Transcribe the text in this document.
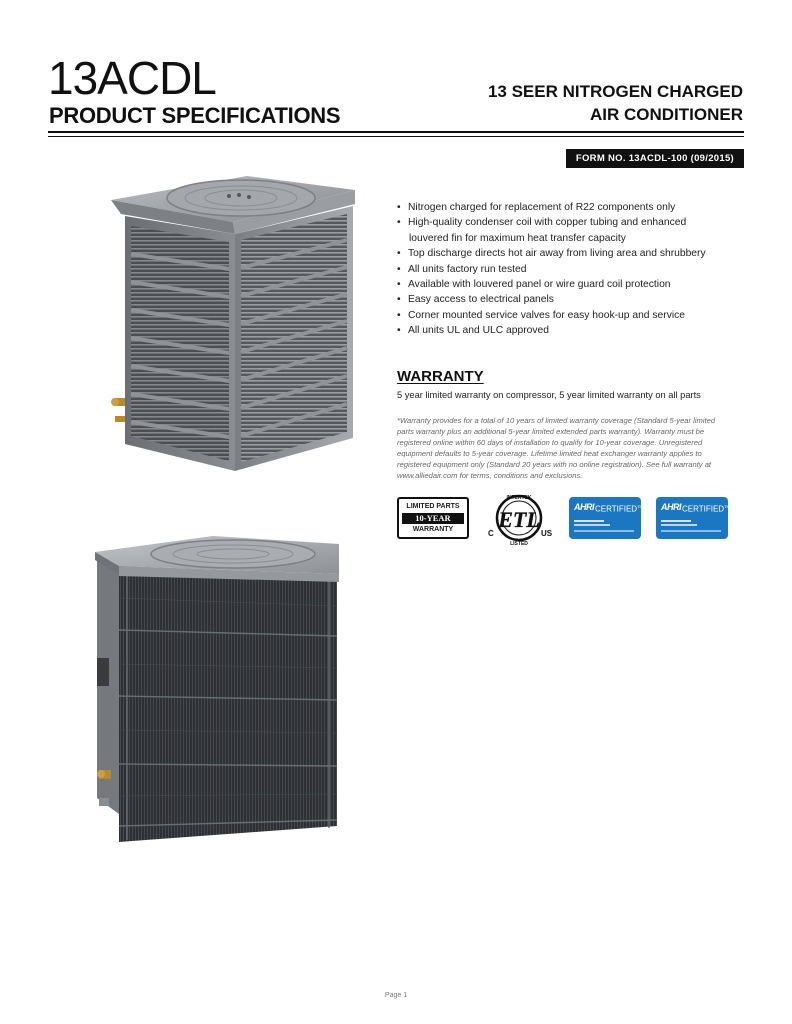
13ACDL
PRODUCT SPECIFICATIONS
13 SEER NITROGEN CHARGED
AIR CONDITIONER
FORM NO. 13ACDL-100 (09/2015)
• Nitrogen charged for replacement of R22 components only
• High-quality condenser coil with copper tubing and enhanced
louvered fin for maximum heat transfer capacity
• Top discharge directs hot air away from living area and shrubbery
• All units factory run tested
• Available with louvered panel or wire guard coil protection
• Easy access to electrical panels
• Corner mounted service valves for easy hook-up and service
• All units UL and ULC approved
WARRANTY
5 year limited warranty on compressor, 5 year limited warranty on all parts
*Warranty provides for a total of 10 years of limited warranty coverage (Standard 5-year limited parts warranty plus an additional 5-year limited extended parts warranty). Warranty must be registered online within 60 days of installation to qualify for 10-year coverage. Unregistered equipment defaults to 5-year coverage. Lifetime limited heat exchanger warranty applies to registered equipment only (Standard 20 years with no online registration). See full warranty at www.alliedair.com for terms, conditions and exclusions.
LIMITED PARTS
10-YEAR
WARRANTY
INTERTEK
LISTED
ETL
C	US
AHRI CERTIFIED™ AHRI CERTIFIED™
Page 1
